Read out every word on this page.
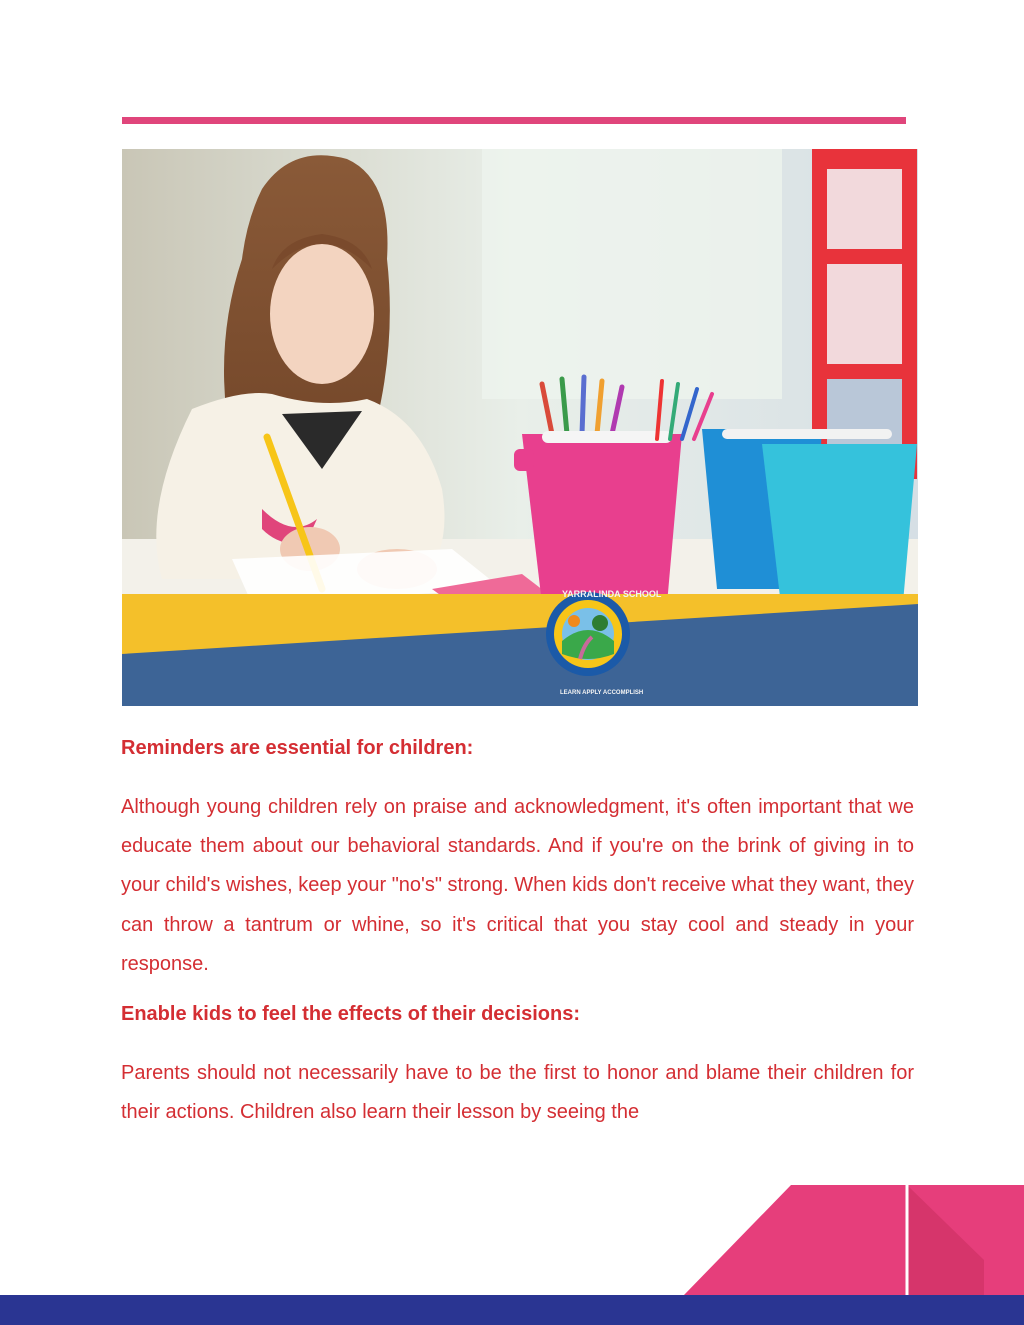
YARRALINDA SCHOOL
LEARN APPLY ACCOMPLISH
Reminders are essential for children:

Although young children rely on praise and acknowledgment, it's often important that we educate them about our behavioral standards. And if you're on the brink of giving in to your child's wishes, keep your "no's" strong. When kids don't receive what they want, they can throw a tantrum or whine, so it's critical that you stay cool and steady in your response.

Enable kids to feel the effects of their decisions:

Parents should not necessarily have to be the first to honor and blame their children for their actions. Children also learn their lesson by seeing the
